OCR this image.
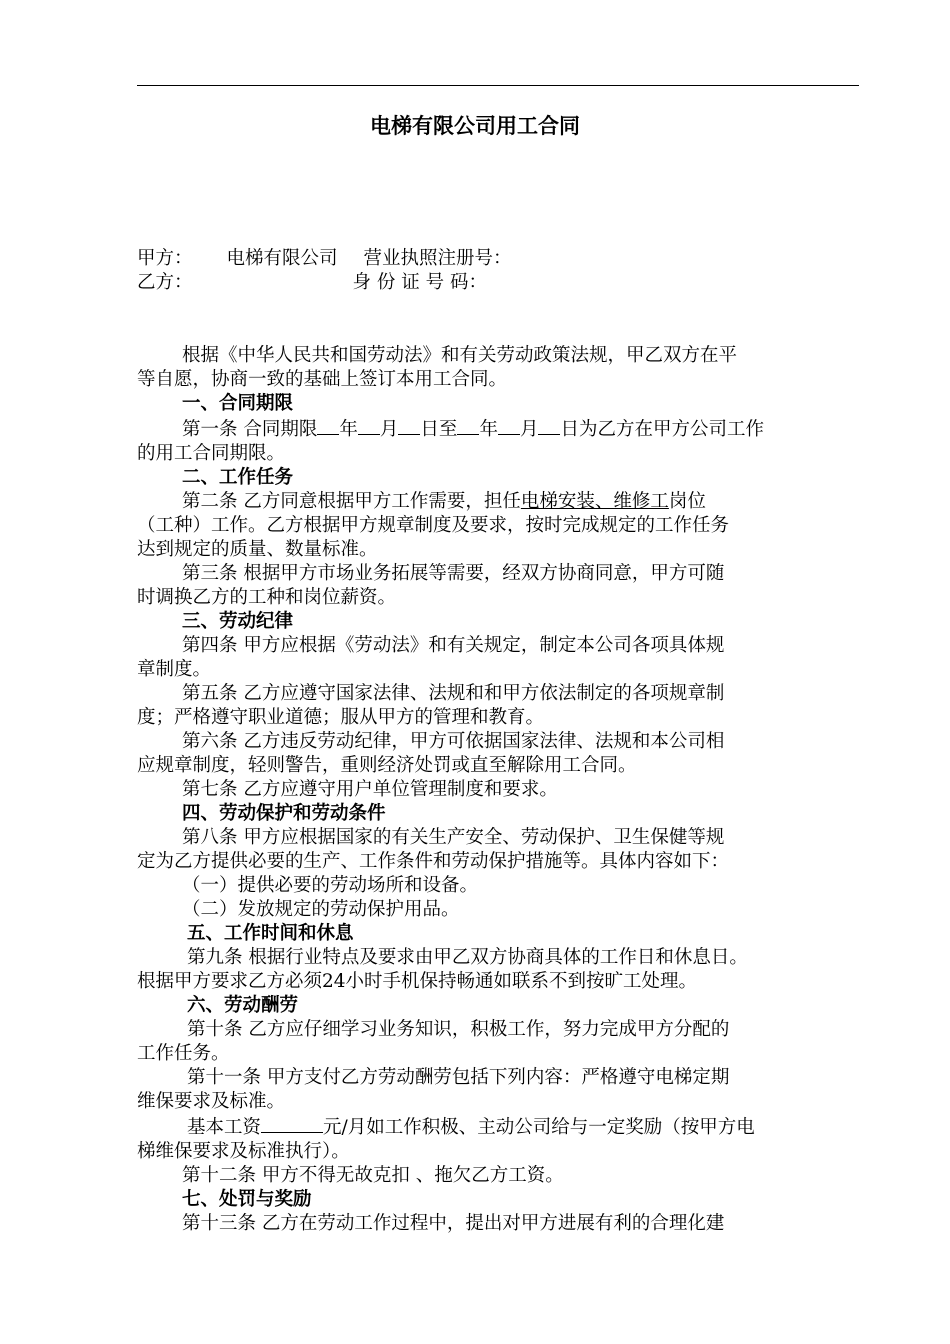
电梯有限公司用工合同

甲方： 电梯有限公司 营业执照注册号：

乙方：	身 份 证 号 码：

根据《中华人民共和国劳动法》和有关劳动政策法规，甲乙双方在平

等自愿，协商一致的基础上签订本用工合同。

一、合同期限

第一条 合同期限 年 月 日至 年 月 日为乙方在甲方公司工作

的用工合同期限。

二、工作任务

第二条 乙方同意根据甲方工作需要，担任电梯安装、维修工岗位

（工种）工作。乙方根据甲方规章制度及要求，按时完成规定的工作任务

达到规定的质量、数量标准。

第三条 根据甲方市场业务拓展等需要，经双方协商同意，甲方可随

时调换乙方的工种和岗位薪资。

三、劳动纪律

第四条 甲方应根据《劳动法》和有关规定，制定本公司各项具体规

章制度。

第五条 乙方应遵守国家法律、法规和和甲方依法制定的各项规章制

度；严格遵守职业道德；服从甲方的管理和教育。

第六条 乙方违反劳动纪律，甲方可依据国家法律、法规和本公司相

应规章制度，轻则警告，重则经济处罚或直至解除用工合同。

第七条 乙方应遵守用户单位管理制度和要求。

四、劳动保护和劳动条件

第八条 甲方应根据国家的有关生产安全、劳动保护、卫生保健等规

定为乙方提供必要的生产、工作条件和劳动保护措施等。具体内容如下：

（一）提供必要的劳动场所和设备。

（二）发放规定的劳动保护用品。

五、工作时间和休息

第九条 根据行业特点及要求由甲乙双方协商具体的工作日和休息日。

根据甲方要求乙方必须24小时手机保持畅通如联系不到按旷工处理。

六、劳动酬劳

第十条 乙方应仔细学习业务知识，积极工作，努力完成甲方分配的

工作任务。

第十一条 甲方支付乙方劳动酬劳包括下列内容：严格遵守电梯定期

维保要求及标准。

基本工资	元/月如工作积极、主动公司给与一定奖励（按甲方电

梯维保要求及标准执行）。

第十二条 甲方不得无故克扣 、拖欠乙方工资。

七、处罚与奖励

第十三条 乙方在劳动工作过程中，提出对甲方进展有利的合理化建
